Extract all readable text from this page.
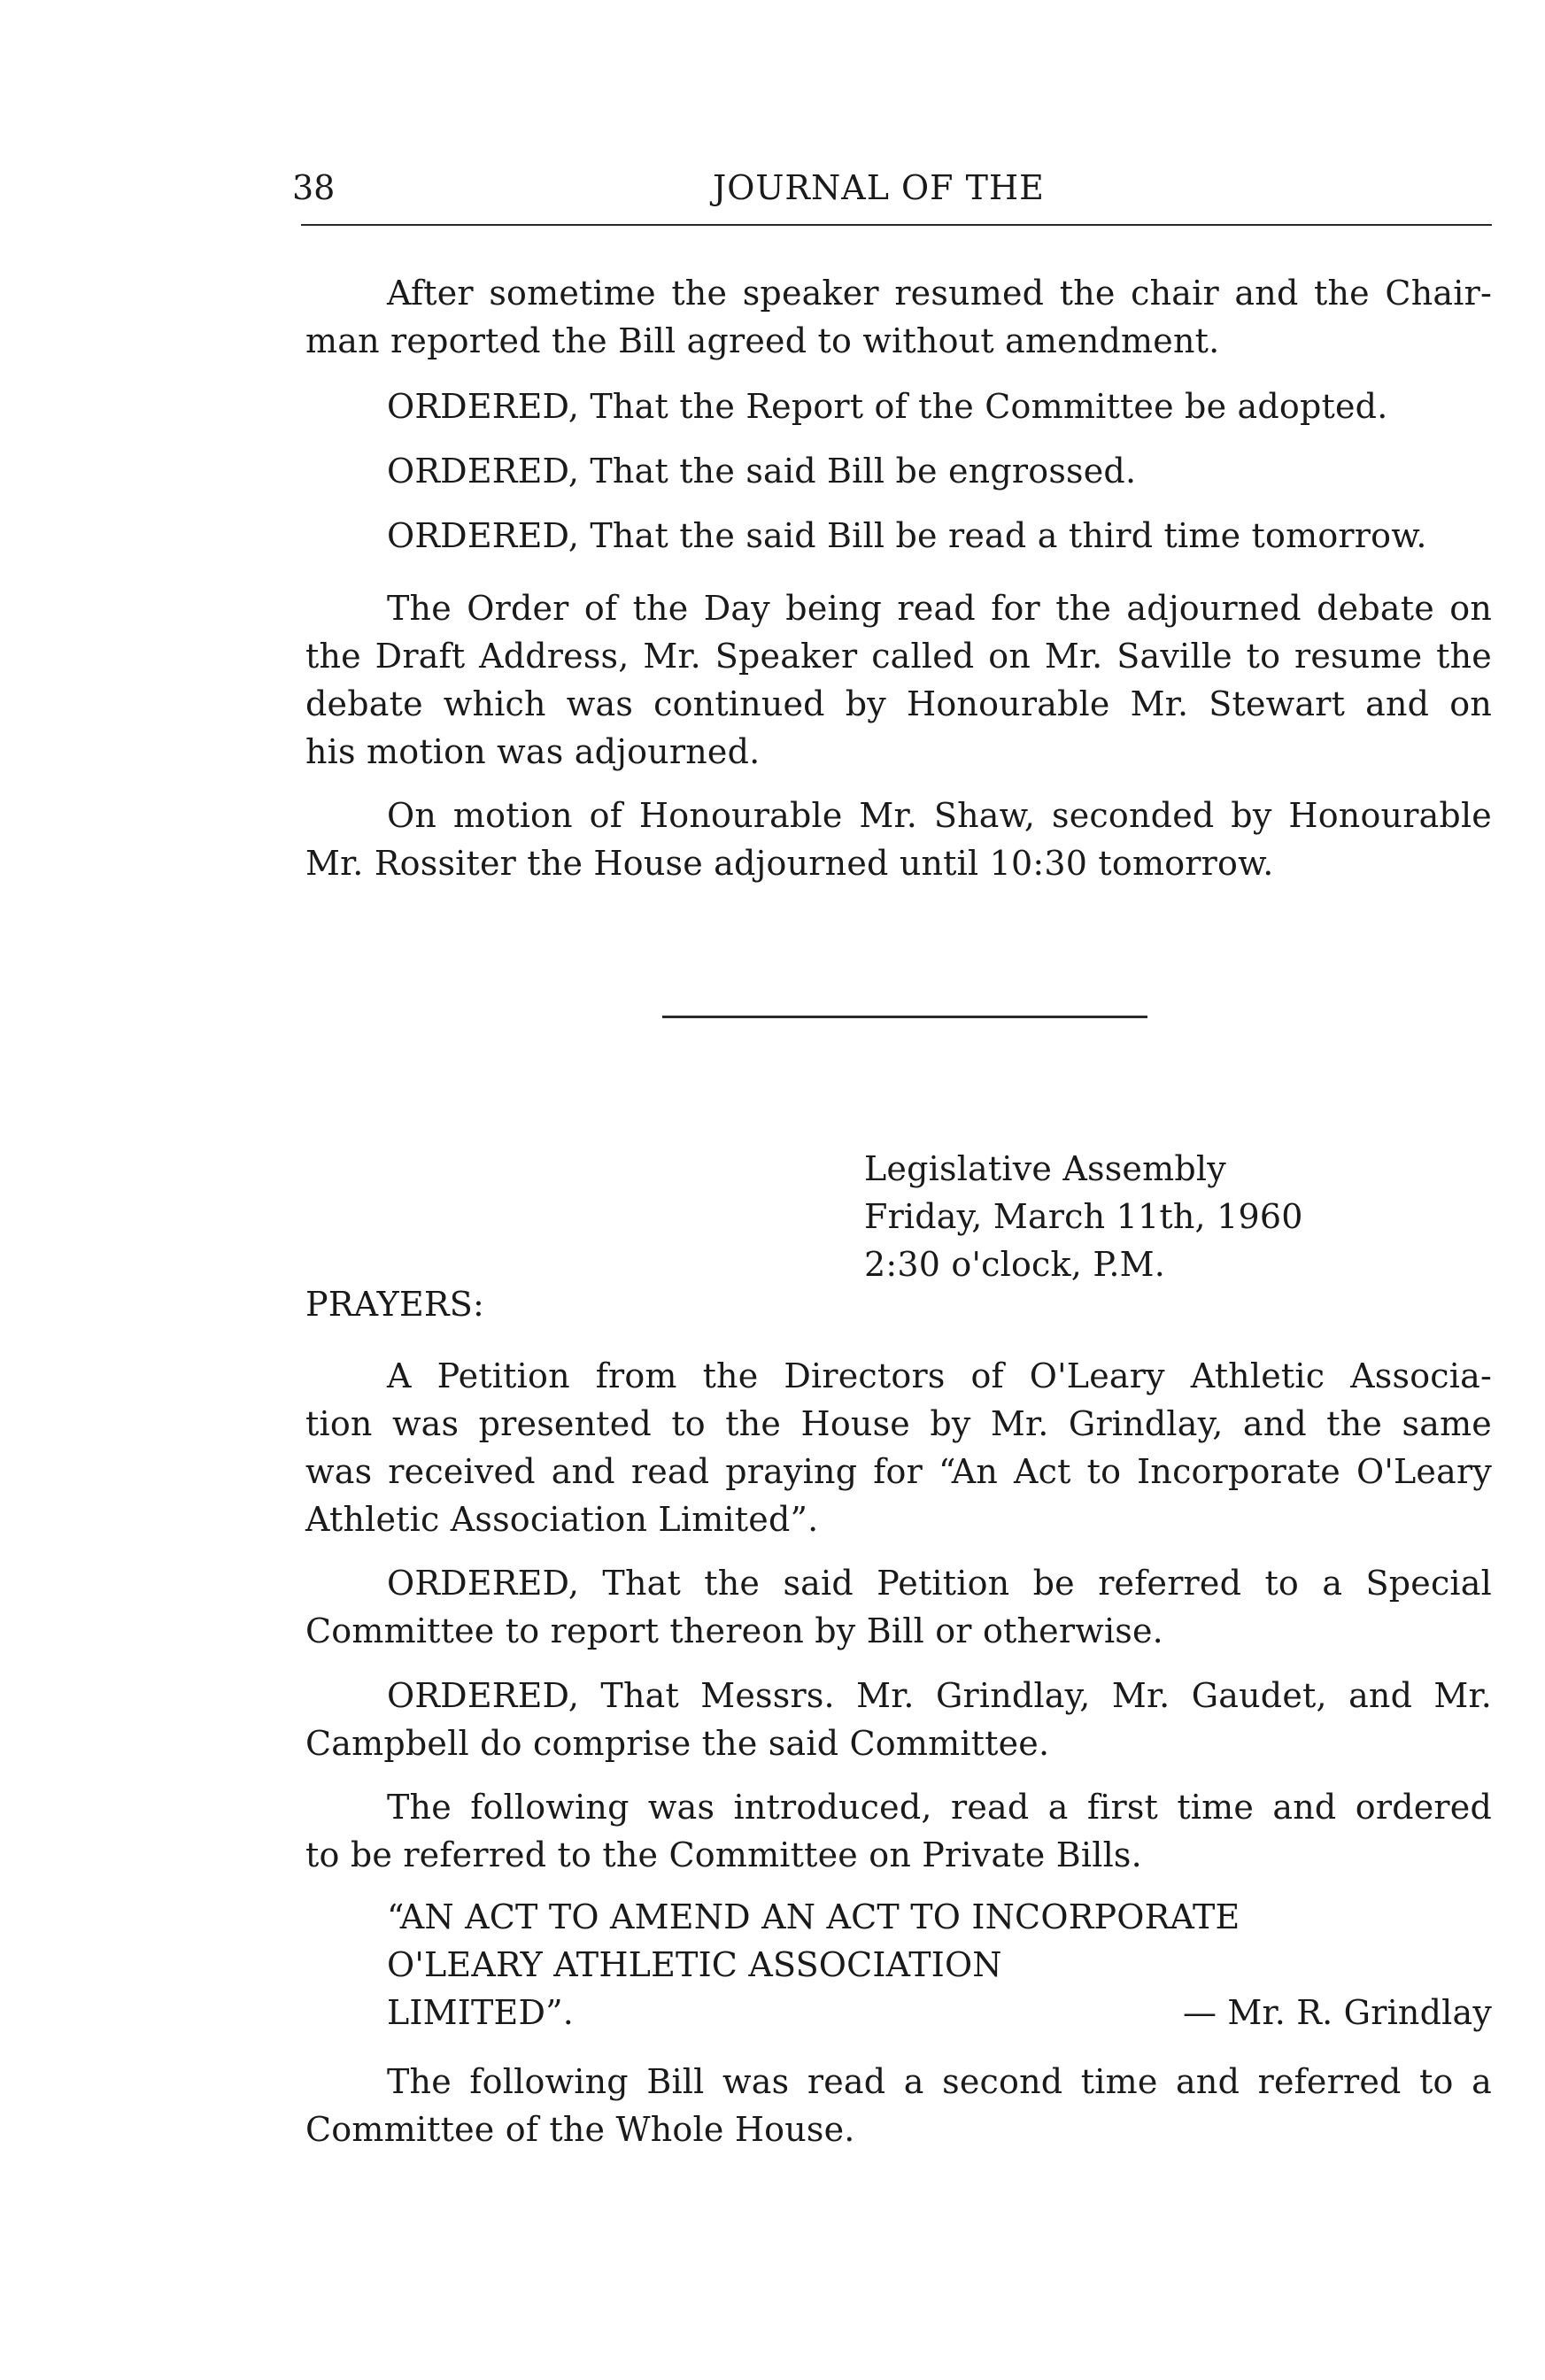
38	JOURNAL OF THE
After sometime the speaker resumed the chair and the Chair-
man reported the Bill agreed to without amendment.
ORDERED, That the Report of the Committee be adopted.
ORDERED, That the said Bill be engrossed.
ORDERED, That the said Bill be read a third time tomorrow.
The Order of the Day being read for the adjourned debate on
the Draft Address, Mr. Speaker called on Mr. Saville to resume the
debate which was continued by Honourable Mr. Stewart and on
his motion was adjourned.
On motion of Honourable Mr. Shaw, seconded by Honourable
Mr. Rossiter the House adjourned until 10:30 tomorrow.
Legislative Assembly
Friday, March 11th, 1960
2:30 o'clock, P.M.
PRAYERS:
A Petition from the Directors of O'Leary Athletic Associa-
tion was presented to the House by Mr. Grindlay, and the same
was received and read praying for “An Act to Incorporate O'Leary
Athletic Association Limited”.
ORDERED, That the said Petition be referred to a Special
Committee to report thereon by Bill or otherwise.
ORDERED, That Messrs. Mr. Grindlay, Mr. Gaudet, and Mr.
Campbell do comprise the said Committee.
The following was introduced, read a first time and ordered
to be referred to the Committee on Private Bills.
“AN ACT TO AMEND AN ACT TO INCORPORATE
O'LEARY ATHLETIC ASSOCIATION
LIMITED”.	— Mr. R. Grindlay
The following Bill was read a second time and referred to a
Committee of the Whole House.
